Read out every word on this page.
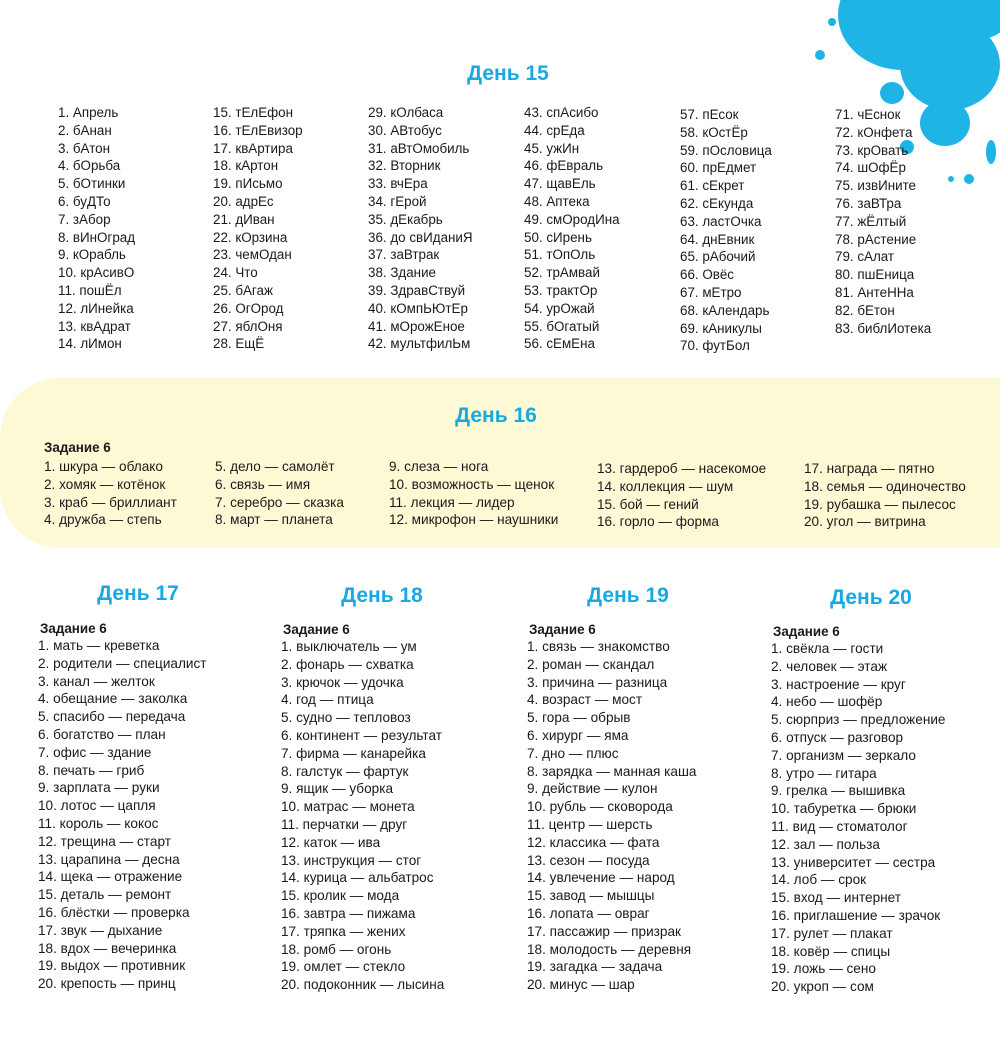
День 15
1. Апрель
2. бАнан
3. бАтон
4. бОрьба
5. бОтинки
6. буДТо
7. зАбор
8. вИнОград
9. кОрабль
10. крАсивО
11. пошЁл
12. лИнейка
13. квАдрат
14. лИмон
15. тЕлЕфон
16. тЕлЕвизор
17. квАртира
18. кАртон
19. пИсьмо
20. адрЕс
21. дИван
22. кОрзина
23. чемОдан
24. Что
25. бАгаж
26. ОгОрод
27. яблОня
28. ЕщЁ
29. кОлбаса
30. АВтобус
31. аВтОмобиль
32. Вторник
33. вчЕра
34. гЕрой
35. дЕкабрь
36. до свИданиЯ
37. заВтрак
38. Здание
39. ЗдравСтвуй
40. кОмпЬЮтЕр
41. мОрожЕное
42. мультфилЬм
43. спАсибо
44. срЕда
45. ужИн
46. фЕвраль
47. щавЕль
48. Аптека
49. смОродИна
50. сИрень
51. тОпОль
52. трАмвай
53. трактОр
54. урОжай
55. бОгатый
56. сЕмЕна
57. пЕсок
58. кОстЁр
59. пОсловица
60. прЕдмет
61. сЕкрет
62. сЕкунда
63. ластОчка
64. днЕвник
65. рАбочий
66. Овёс
67. мЕтро
68. кАлендарь
69. кАникулы
70. футБол
71. чЕснок
72. кОнфета
73. крОвать
74. шОфЁр
75. извИните
76. заВТра
77. жЁлтый
78. рАстение
79. сАлат
80. пшЕница
81. АнтеННа
82. бЕтон
83. библИотека
День 16
Задание 6
1. шкура — облако
2. хомяк — котёнок
3. краб — бриллиант
4. дружба — степь
5. дело — самолёт
6. связь — имя
7. серебро — сказка
8. март — планета
9. слеза — нога
10. возможность — щенок
11. лекция — лидер
12. микрофон — наушники
13. гардероб — насекомое
14. коллекция — шум
15. бой — гений
16. горло — форма
17. награда — пятно
18. семья — одиночество
19. рубашка — пылесос
20. угол — витрина
День 17
Задание 6
1. мать — креветка
2. родители — специалист
3. канал — желток
4. обещание — заколка
5. спасибо — передача
6. богатство — план
7. офис — здание
8. печать — гриб
9. зарплата — руки
10. лотос — цапля
11. король — кокос
12. трещина — старт
13. царапина — десна
14. щека — отражение
15. деталь — ремонт
16. блёстки — проверка
17. звук — дыхание
18. вдох — вечеринка
19. выдох — противник
20. крепость — принц
День 18
Задание 6
1. выключатель — ум
2. фонарь — схватка
3. крючок — удочка
4. год — птица
5. судно — тепловоз
6. континент — результат
7. фирма — канарейка
8. галстук — фартук
9. ящик — уборка
10. матрас — монета
11. перчатки — друг
12. каток — ива
13. инструкция — стог
14. курица — альбатрос
15. кролик — мода
16. завтра — пижама
17. тряпка — жених
18. ромб — огонь
19. омлет — стекло
20. подоконник — лысина
День 19
Задание 6
1. связь — знакомство
2. роман — скандал
3. причина — разница
4. возраст — мост
5. гора — обрыв
6. хирург — яма
7. дно — плюс
8. зарядка — манная каша
9. действие — кулон
10. рубль — сковорода
11. центр — шерсть
12. классика — фата
13. сезон — посуда
14. увлечение — народ
15. завод — мышцы
16. лопата — овраг
17. пассажир — призрак
18. молодость — деревня
19. загадка — задача
20. минус — шар
День 20
Задание 6
1. свёкла — гости
2. человек — этаж
3. настроение — круг
4. небо — шофёр
5. сюрприз — предложение
6. отпуск — разговор
7. организм — зеркало
8. утро — гитара
9. грелка — вышивка
10. табуретка — брюки
11. вид — стоматолог
12. зал — польза
13. университет — сестра
14. лоб — срок
15. вход — интернет
16. приглашение — зрачок
17. рулет — плакат
18. ковёр — спицы
19. ложь — сено
20. укроп — сом
